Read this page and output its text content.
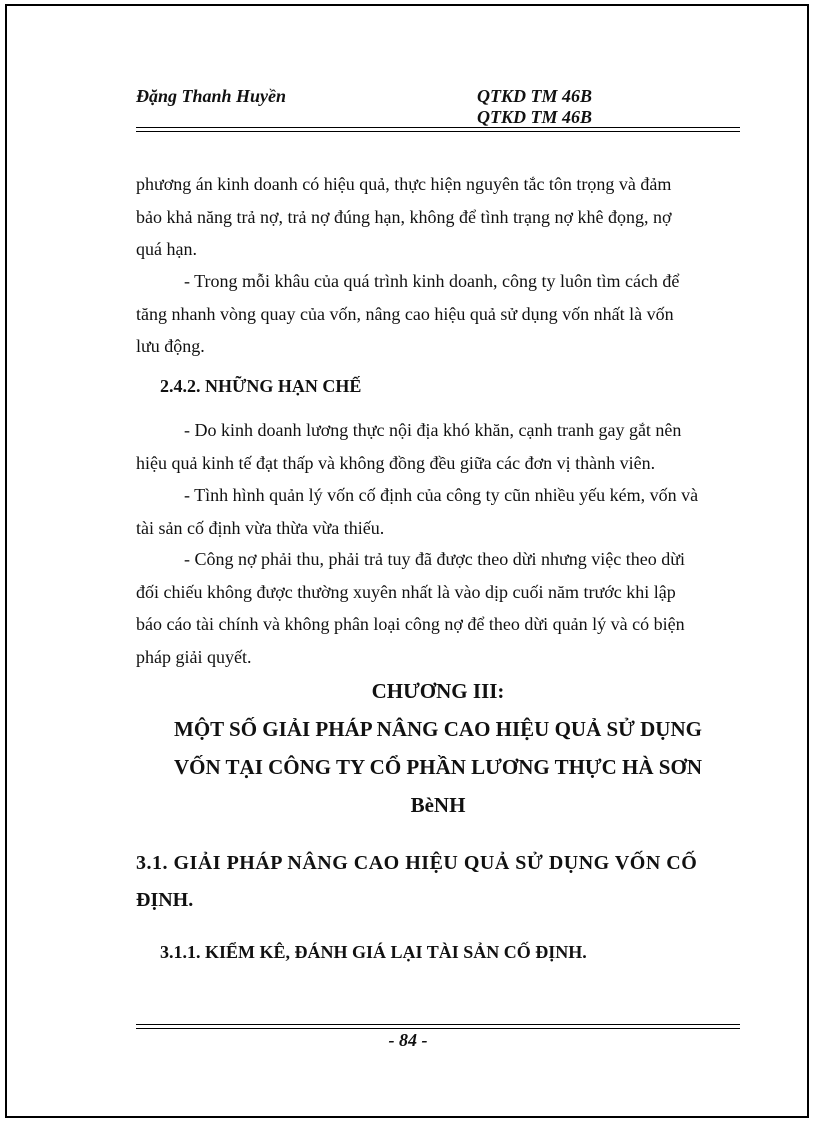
Đặng Thanh Huyền	QTKD TM 46B
QTKD TM 46B
phương án kinh doanh có hiệu quả, thực hiện nguyên tắc tôn trọng và đảm
bảo khả năng trả nợ, trả nợ đúng hạn, không để tình trạng nợ khê đọng, nợ
quá hạn.
- Trong mỗi khâu của quá trình kinh doanh, công ty luôn tìm cách để
tăng nhanh vòng quay của vốn, nâng cao hiệu quả sử dụng vốn nhất là vốn
lưu động.
2.4.2. NHỮNG HẠN CHẾ
- Do kinh doanh lương thực nội địa khó khăn, cạnh tranh gay gắt nên
hiệu quả kinh tế đạt thấp và không đồng đều giữa các đơn vị thành viên.
- Tình hình quản lý vốn cố định của công ty cũn nhiều yếu kém, vốn và
tài sản cố định vừa thừa vừa thiếu.
- Công nợ phải thu, phải trả tuy đã được theo dừi nhưng việc theo dừi
đối chiếu không được thường xuyên nhất là vào dịp cuối năm trước khi lập
báo cáo tài chính và không phân loại công nợ để theo dừi quản lý và có biện
pháp giải quyết.
CHƯƠNG III:
MỘT SỐ GIẢI PHÁP NÂNG CAO HIỆU QUẢ SỬ DỤNG
VỐN TẠI CÔNG TY CỔ PHẦN LƯƠNG THỰC HÀ SƠN
BèNH
3.1. GIẢI PHÁP NÂNG CAO HIỆU QUẢ SỬ DỤNG VỐN CỐ
ĐỊNH.
3.1.1. KIỂM KÊ, ĐÁNH GIÁ LẠI TÀI SẢN CỐ ĐỊNH.
- 84 -
